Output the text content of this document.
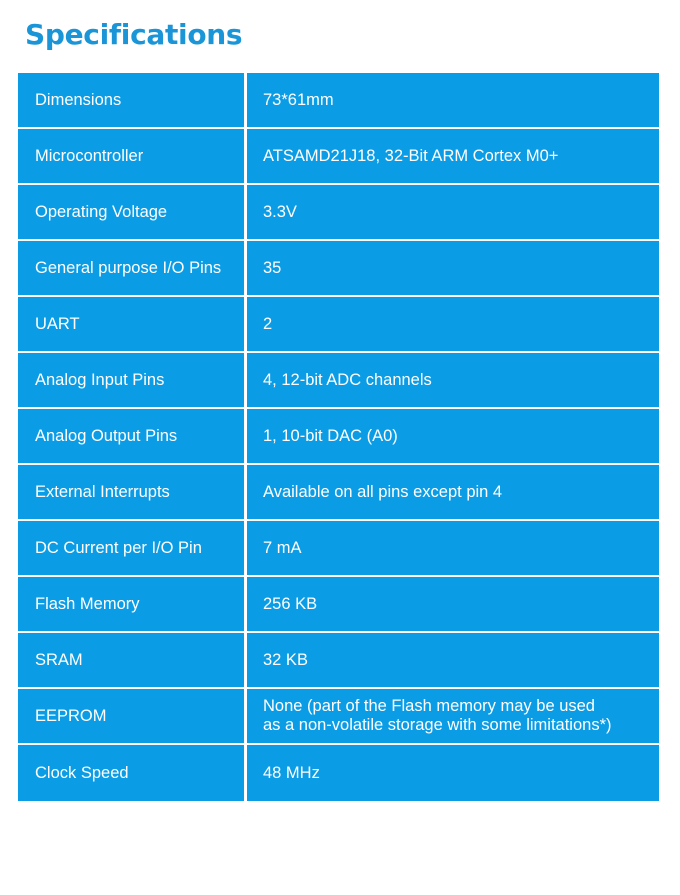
Specifications
Dimensions	73*61mm
Microcontroller	ATSAMD21J18, 32-Bit ARM Cortex M0+
Operating Voltage	3.3V
General purpose I/O Pins	35
UART	2
Analog Input Pins	4, 12-bit ADC channels
Analog Output Pins	1, 10-bit DAC (A0)
External Interrupts	Available on all pins except pin 4
DC Current per I/O Pin	7 mA
Flash Memory	256 KB
SRAM	32 KB
EEPROM	None (part of the Flash memory may be used
as a non-volatile storage with some limitations*)
Clock Speed	48 MHz
